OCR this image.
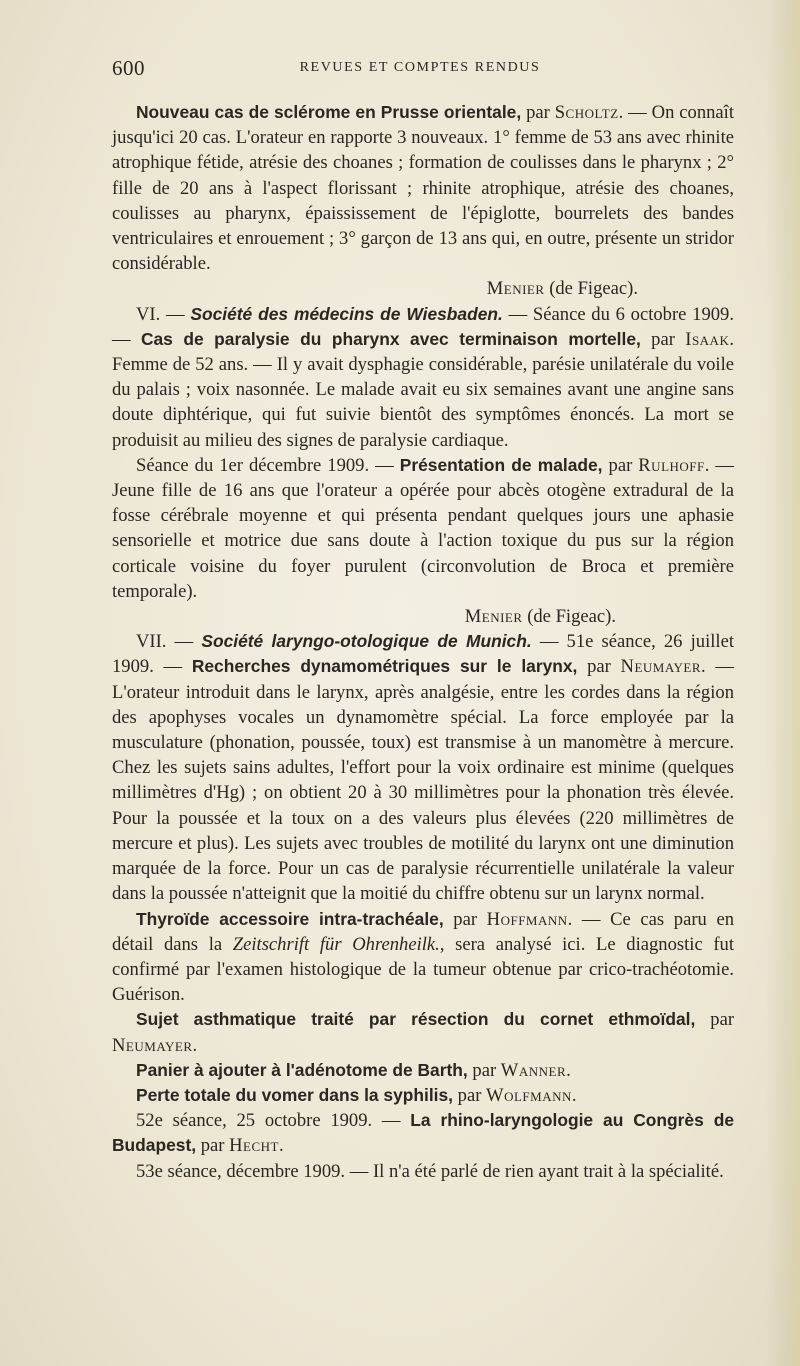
600	REVUES ET COMPTES RENDUS

Nouveau cas de sclérome en Prusse orientale, par Scholtz. — On connaît jusqu'ici 20 cas. L'orateur en rapporte 3 nouveaux. 1° femme de 53 ans avec rhinite atrophique fétide, atrésie des choanes ; formation de coulisses dans le pharynx ; 2° fille de 20 ans à l'aspect florissant ; rhinite atrophique, atrésie des choanes, coulisses au pharynx, épaississement de l'épiglotte, bourrelets des bandes ventriculaires et enrouement ; 3° garçon de 13 ans qui, en outre, présente un stridor considérable.

Menier (de Figeac).

VI. — Société des médecins de Wiesbaden. — Séance du 6 octobre 1909. — Cas de paralysie du pharynx avec terminaison mortelle, par Isaak. Femme de 52 ans. — Il y avait dysphagie considérable, parésie unilatérale du voile du palais ; voix nasonnée. Le malade avait eu six semaines avant une angine sans doute diphtérique, qui fut suivie bientôt des symptômes énoncés. La mort se produisit au milieu des signes de paralysie cardiaque.

Séance du 1er décembre 1909. — Présentation de malade, par Rulhoff. — Jeune fille de 16 ans que l'orateur a opérée pour abcès otogène extradural de la fosse cérébrale moyenne et qui présenta pendant quelques jours une aphasie sensorielle et motrice due sans doute à l'action toxique du pus sur la région corticale voisine du foyer purulent (circonvolution de Broca et première temporale).

Menier (de Figeac).

VII. — Société laryngo-otologique de Munich. — 51e séance, 26 juillet 1909. — Recherches dynamométriques sur le larynx, par Neumayer. — L'orateur introduit dans le larynx, après analgésie, entre les cordes dans la région des apophyses vocales un dynamomètre spécial. La force employée par la musculature (phonation, poussée, toux) est transmise à un manomètre à mercure. Chez les sujets sains adultes, l'effort pour la voix ordinaire est minime (quelques millimètres d'Hg) ; on obtient 20 à 30 millimètres pour la phonation très élevée. Pour la poussée et la toux on a des valeurs plus élevées (220 millimètres de mercure et plus). Les sujets avec troubles de motilité du larynx ont une diminution marquée de la force. Pour un cas de paralysie récurrentielle unilatérale la valeur dans la poussée n'atteignit que la moitié du chiffre obtenu sur un larynx normal.

Thyroïde accessoire intra-trachéale, par Hoffmann. — Ce cas paru en détail dans la Zeitschrift für Ohrenheilk., sera analysé ici. Le diagnostic fut confirmé par l'examen histologique de la tumeur obtenue par crico-trachéotomie. Guérison.

Sujet asthmatique traité par résection du cornet ethmoïdal, par Neumayer.

Panier à ajouter à l'adénotome de Barth, par Wanner.

Perte totale du vomer dans la syphilis, par Wolfmann.

52e séance, 25 octobre 1909. — La rhino-laryngologie au Congrès de Budapest, par Hecht.

53e séance, décembre 1909. — Il n'a été parlé de rien ayant trait à la spécialité.
